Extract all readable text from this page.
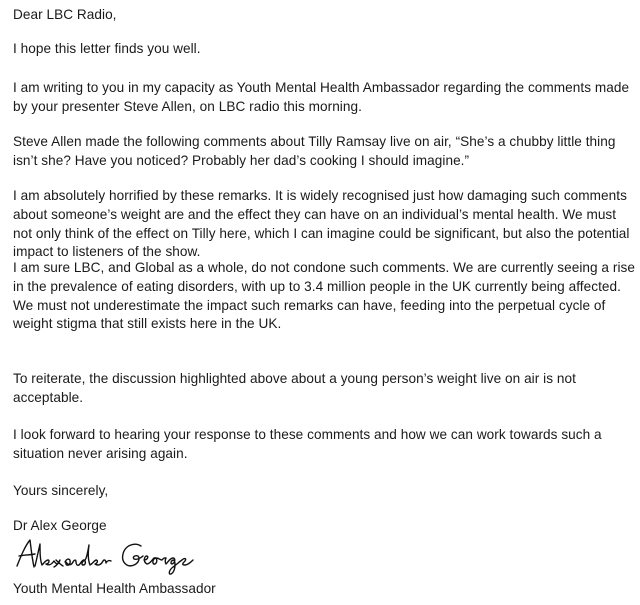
Dear LBC Radio,

I hope this letter finds you well.

I am writing to you in my capacity as Youth Mental Health Ambassador regarding the comments made by your presenter Steve Allen, on LBC radio this morning.

Steve Allen made the following comments about Tilly Ramsay live on air, “She’s a chubby little thing isn’t she? Have you noticed? Probably her dad’s cooking I should imagine.”

I am absolutely horrified by these remarks. It is widely recognised just how damaging such comments about someone’s weight are and the effect they can have on an individual’s mental health. We must not only think of the effect on Tilly here, which I can imagine could be significant, but also the potential impact to listeners of the show.

I am sure LBC, and Global as a whole, do not condone such comments. We are currently seeing a rise in the prevalence of eating disorders, with up to 3.4 million people in the UK currently being affected. We must not underestimate the impact such remarks can have, feeding into the perpetual cycle of weight stigma that still exists here in the UK.

To reiterate, the discussion highlighted above about a young person’s weight live on air is not acceptable.

I look forward to hearing your response to these comments and how we can work towards such a situation never arising again.

Yours sincerely,

Dr Alex George

Youth Mental Health Ambassador
